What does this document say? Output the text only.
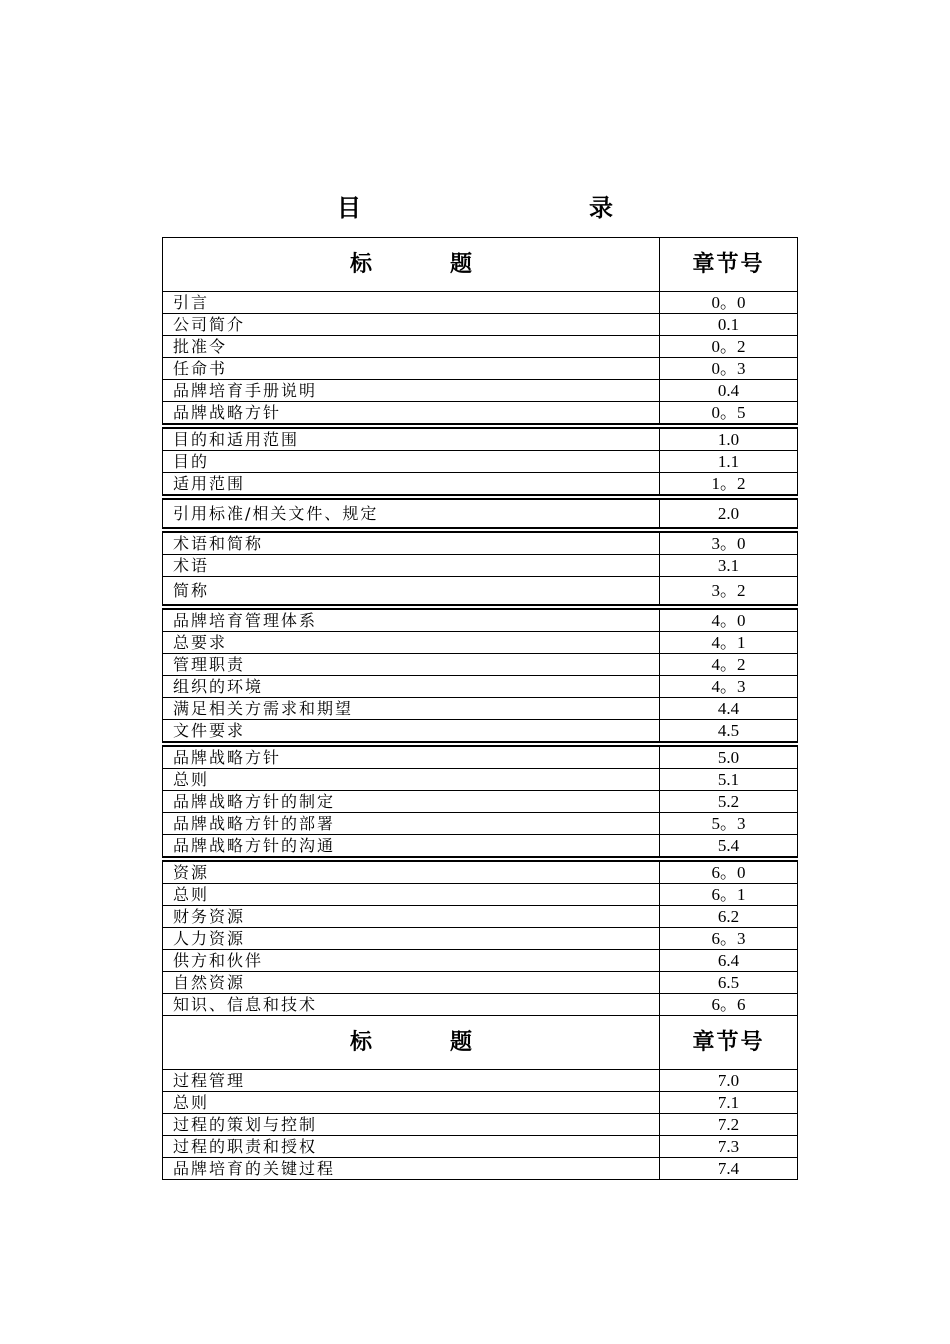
目　　录
标　题	章节号
引言	0。0
公司简介	0.1
批准令	0。2
任命书	0。3
品牌培育手册说明	0.4
品牌战略方针	0。5
目的和适用范围	1.0
目的	1.1
适用范围	1。2
引用标准/相关文件、规定	2.0
术语和简称	3。0
术语	3.1
简称	3。2
品牌培育管理体系	4。0
总要求	4。1
管理职责	4。2
组织的环境	4。3
满足相关方需求和期望	4.4
文件要求	4.5
品牌战略方针	5.0
总则	5.1
品牌战略方针的制定	5.2
品牌战略方针的部署	5。3
品牌战略方针的沟通	5.4
资源	6。0
总则	6。1
财务资源	6.2
人力资源	6。3
供方和伙伴	6.4
自然资源	6.5
知识、信息和技术	6。6
标　题	章节号
过程管理	7.0
总则	7.1
过程的策划与控制	7.2
过程的职责和授权	7.3
品牌培育的关键过程	7.4
